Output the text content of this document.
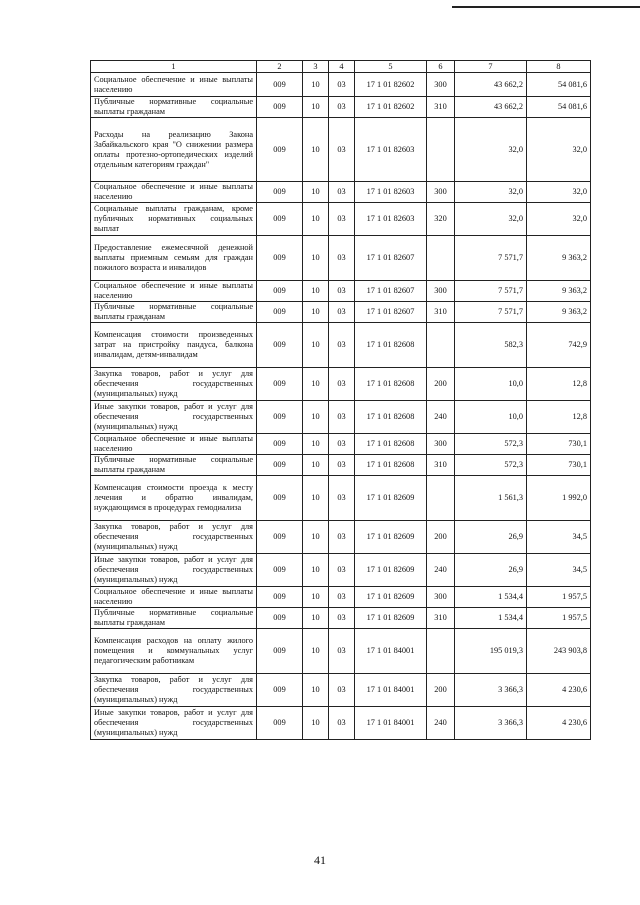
1	2	3	4	5	6	7	8
Социальное обеспечение и иные выплаты населению	009	10	03	17 1 01 82602	300	43 662,2	54 081,6
Публичные нормативные социальные выплаты гражданам	009	10	03	17 1 01 82602	310	43 662,2	54 081,6
Расходы на реализацию Закона Забайкальского края "О снижении размера оплаты протезно-ортопедических изделий отдельным категориям граждан"	009	10	03	17 1 01 82603		32,0	32,0
Социальное обеспечение и иные выплаты населению	009	10	03	17 1 01 82603	300	32,0	32,0
Социальные выплаты гражданам, кроме публичных нормативных социальных выплат	009	10	03	17 1 01 82603	320	32,0	32,0
Предоставление ежемесячной денежной выплаты приемным семьям для граждан пожилого возраста и инвалидов	009	10	03	17 1 01 82607		7 571,7	9 363,2
Социальное обеспечение и иные выплаты населению	009	10	03	17 1 01 82607	300	7 571,7	9 363,2
Публичные нормативные социальные выплаты гражданам	009	10	03	17 1 01 82607	310	7 571,7	9 363,2
Компенсация стоимости произведенных затрат на пристройку пандуса, балкона инвалидам, детям-инвалидам	009	10	03	17 1 01 82608		582,3	742,9
Закупка товаров, работ и услуг для обеспечения государственных (муниципальных) нужд	009	10	03	17 1 01 82608	200	10,0	12,8
Иные закупки товаров, работ и услуг для обеспечения государственных (муниципальных) нужд	009	10	03	17 1 01 82608	240	10,0	12,8
Социальное обеспечение и иные выплаты населению	009	10	03	17 1 01 82608	300	572,3	730,1
Публичные нормативные социальные выплаты гражданам	009	10	03	17 1 01 82608	310	572,3	730,1
Компенсация стоимости проезда к месту лечения и обратно инвалидам, нуждающимся в процедурах гемодиализа	009	10	03	17 1 01 82609		1 561,3	1 992,0
Закупка товаров, работ и услуг для обеспечения государственных (муниципальных) нужд	009	10	03	17 1 01 82609	200	26,9	34,5
Иные закупки товаров, работ и услуг для обеспечения государственных (муниципальных) нужд	009	10	03	17 1 01 82609	240	26,9	34,5
Социальное обеспечение и иные выплаты населению	009	10	03	17 1 01 82609	300	1 534,4	1 957,5
Публичные нормативные социальные выплаты гражданам	009	10	03	17 1 01 82609	310	1 534,4	1 957,5
Компенсация расходов на оплату жилого помещения и коммунальных услуг педагогическим работникам	009	10	03	17 1 01 84001		195 019,3	243 903,8
Закупка товаров, работ и услуг для обеспечения государственных (муниципальных) нужд	009	10	03	17 1 01 84001	200	3 366,3	4 230,6
Иные закупки товаров, работ и услуг для обеспечения государственных (муниципальных) нужд	009	10	03	17 1 01 84001	240	3 366,3	4 230,6
41
